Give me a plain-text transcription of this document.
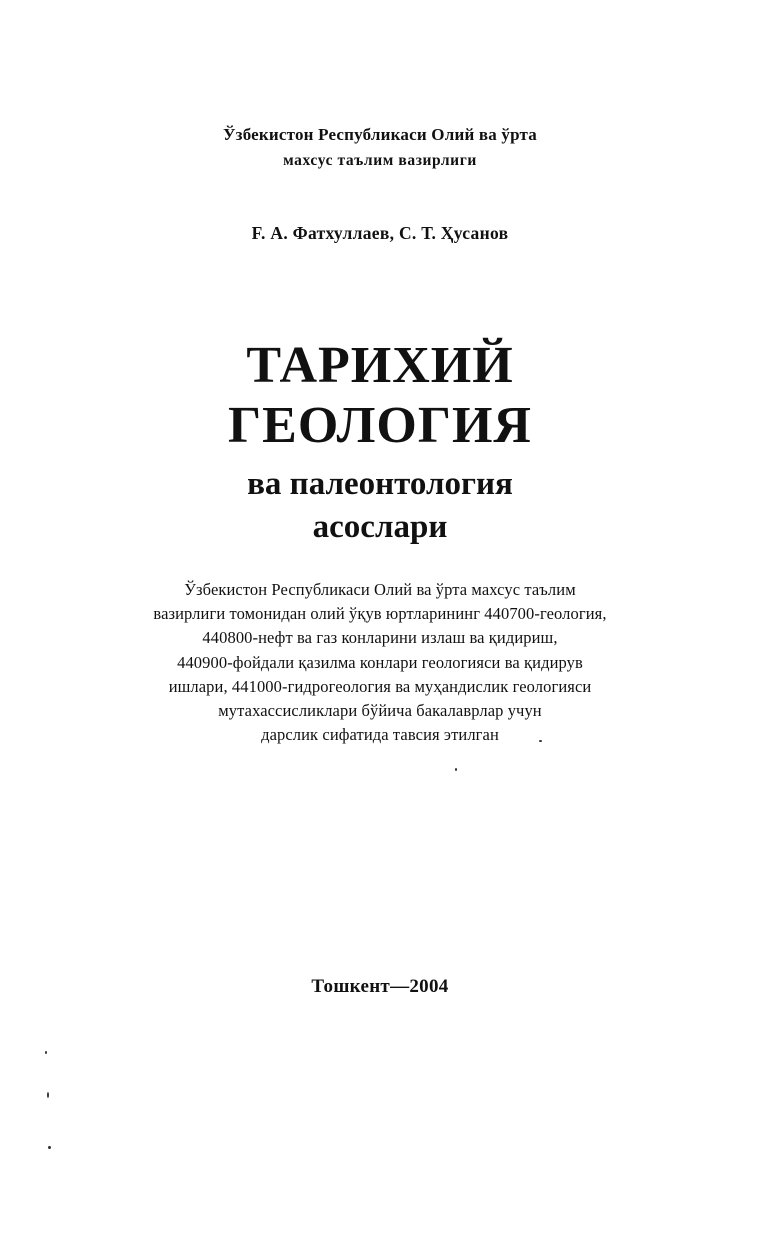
Ўзбекистон Республикаси Олий ва ўрта
махсус таълим вазирлиги
F. А. Фатхуллаев, С. Т. Ҳусанов
ТАРИХИЙ
ГЕОЛОГИЯ
ва палеонтология
асослари
Ўзбекистон Республикаси Олий ва ўрта махсус таълим
вазирлиги томонидан олий ўқув юртларининг 440700-геология,
440800-нефт ва газ конларини излаш ва қидириш,
440900-фойдали қазилма конлари геологияси ва қидирув
ишлари, 441000-гидрогеология ва муҳандислик геологияси
мутахассисликлари бўйича бакалаврлар учун
дарслик сифатида тавсия этилган
Тошкент—2004
